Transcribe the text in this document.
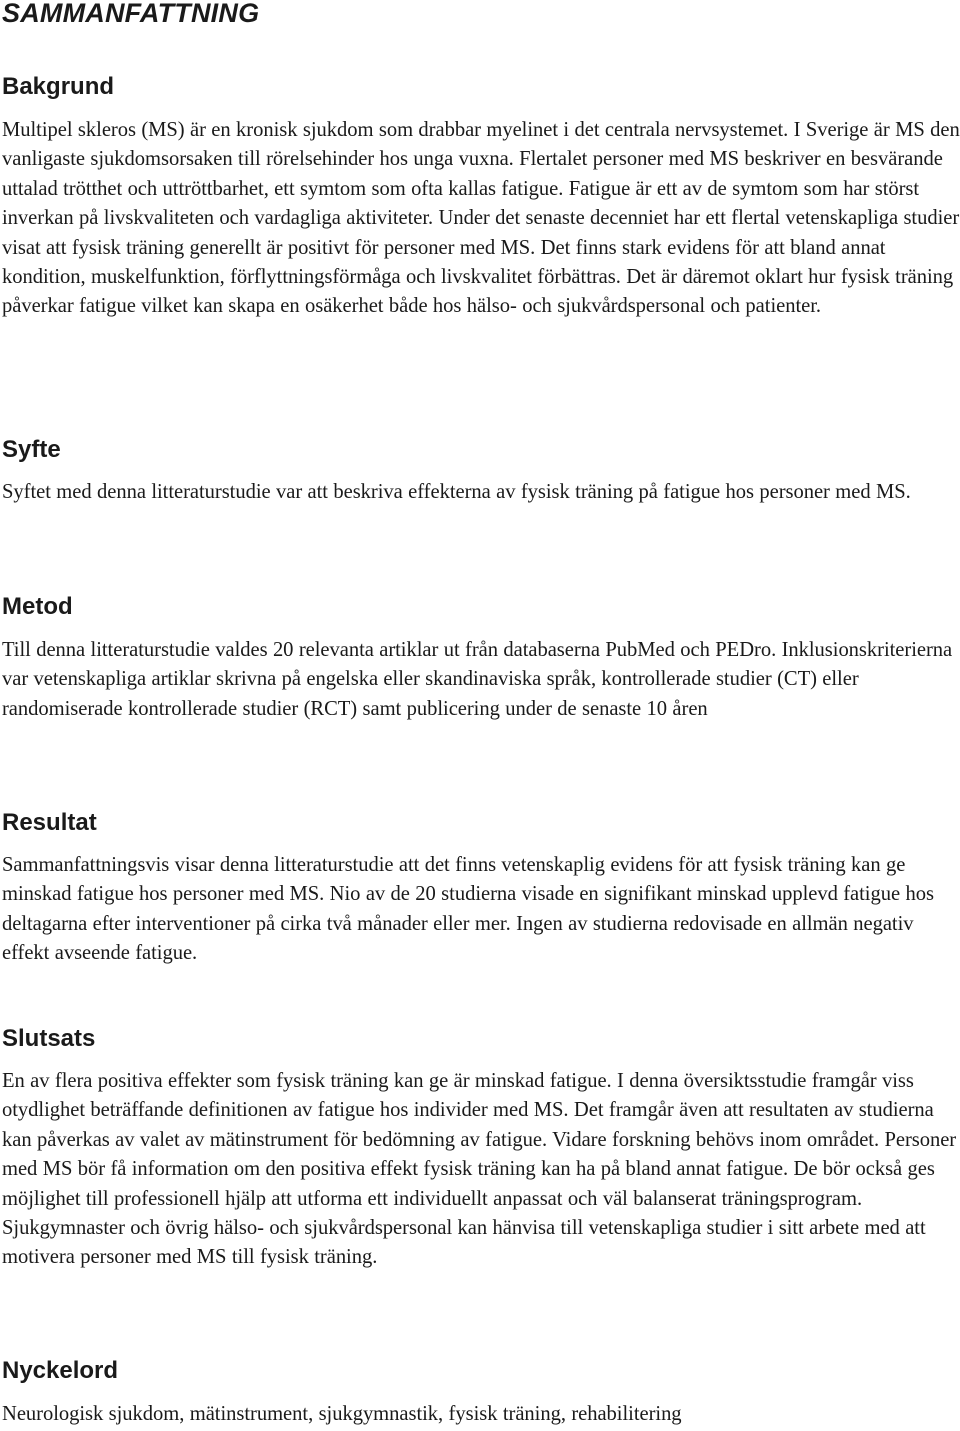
SAMMANFATTNING
Bakgrund

Multipel skleros (MS) är en kronisk sjukdom som drabbar myelinet i det centrala nervsystemet. I Sverige är MS den vanligaste sjukdomsorsaken till rörelsehinder hos unga vuxna. Flertalet personer med MS beskriver en besvärande uttalad trötthet och uttröttbarhet, ett symtom som ofta kallas fatigue. Fatigue är ett av de symtom som har störst inverkan på livskvaliteten och vardagliga aktiviteter. Under det senaste decenniet har ett flertal vetenskapliga studier visat att fysisk träning generellt är positivt för personer med MS. Det finns stark evidens för att bland annat kondition, muskelfunktion, förflyttningsförmåga och livskvalitet förbättras. Det är däremot oklart hur fysisk träning påverkar fatigue vilket kan skapa en osäkerhet både hos hälso- och sjukvårdspersonal och patienter.

Syfte

Syftet med denna litteraturstudie var att beskriva effekterna av fysisk träning på fatigue hos personer med MS.

Metod

Till denna litteraturstudie valdes 20 relevanta artiklar ut från databaserna PubMed och PEDro. Inklusionskriterierna var vetenskapliga artiklar skrivna på engelska eller skandinaviska språk, kontrollerade studier (CT) eller randomiserade kontrollerade studier (RCT) samt publicering under de senaste 10 åren

Resultat

Sammanfattningsvis visar denna litteraturstudie att det finns vetenskaplig evidens för att fysisk träning kan ge minskad fatigue hos personer med MS. Nio av de 20 studierna visade en signifikant minskad upplevd fatigue hos deltagarna efter interventioner på cirka två månader eller mer. Ingen av studierna redovisade en allmän negativ effekt avseende fatigue.

Slutsats

En av flera positiva effekter som fysisk träning kan ge är minskad fatigue. I denna översiktsstudie framgår viss otydlighet beträffande definitionen av fatigue hos individer med MS. Det framgår även att resultaten av studierna kan påverkas av valet av mätinstrument för bedömning av fatigue. Vidare forskning behövs inom området. Personer med MS bör få information om den positiva effekt fysisk träning kan ha på bland annat fatigue. De bör också ges möjlighet till professionell hjälp att utforma ett individuellt anpassat och väl balanserat träningsprogram. Sjukgymnaster och övrig hälso- och sjukvårdspersonal kan hänvisa till vetenskapliga studier i sitt arbete med att motivera personer med MS till fysisk träning.

Nyckelord

Neurologisk sjukdom, mätinstrument, sjukgymnastik, fysisk träning, rehabilitering
